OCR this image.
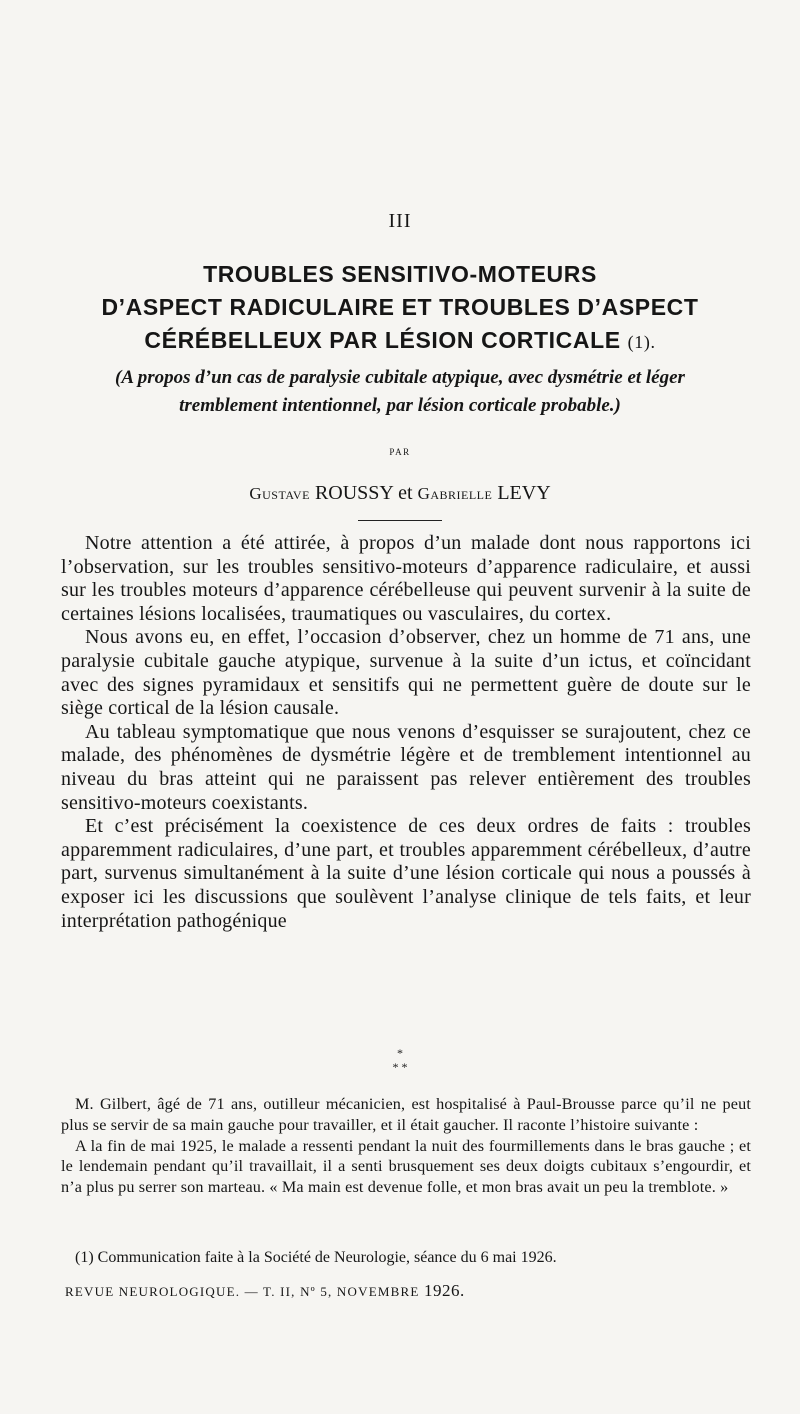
III
TROUBLES SENSITIVO-MOTEURS
D’ASPECT RADICULAIRE ET TROUBLES D’ASPECT
CÉRÉBELLEUX PAR LÉSION CORTICALE (1).
(A propos d’un cas de paralysie cubitale atypique, avec dysmétrie et léger
tremblement intentionnel, par lésion corticale probable.)
PAR
Gustave ROUSSY et Gabrielle LEVY

Notre attention a été attirée, à propos d’un malade dont nous rapportons ici l’observation, sur les troubles sensitivo-moteurs d’apparence radiculaire, et aussi sur les troubles moteurs d’apparence cérébelleuse qui peuvent survenir à la suite de certaines lésions localisées, traumatiques ou vasculaires, du cortex.

Nous avons eu, en effet, l’occasion d’observer, chez un homme de 71 ans, une paralysie cubitale gauche atypique, survenue à la suite d’un ictus, et coïncidant avec des signes pyramidaux et sensitifs qui ne permettent guère de doute sur le siège cortical de la lésion causale.

Au tableau symptomatique que nous venons d’esquisser se surajoutent, chez ce malade, des phénomènes de dysmétrie légère et de tremblement intentionnel au niveau du bras atteint qui ne paraissent pas relever entièrement des troubles sensitivo-moteurs coexistants.

Et c’est précisément la coexistence de ces deux ordres de faits : troubles apparemment radiculaires, d’une part, et troubles apparemment cérébelleux, d’autre part, survenus simultanément à la suite d’une lésion corticale qui nous a poussés à exposer ici les discussions que soulèvent l’analyse clinique de tels faits, et leur interprétation pathogénique

*
* *

M. Gilbert, âgé de 71 ans, outilleur mécanicien, est hospitalisé à Paul-Brousse parce qu’il ne peut plus se servir de sa main gauche pour travailler, et il était gaucher. Il raconte l’histoire suivante :

A la fin de mai 1925, le malade a ressenti pendant la nuit des fourmillements dans le bras gauche ; et le lendemain pendant qu’il travaillait, il a senti brusquement ses deux doigts cubitaux s’engourdir, et n’a plus pu serrer son marteau. « Ma main est devenue folle, et mon bras avait un peu la tremblote. »

(1) Communication faite à la Société de Neurologie, séance du 6 mai 1926.
REVUE NEUROLOGIQUE. — T. II, Nº 5, NOVEMBRE 1926.
